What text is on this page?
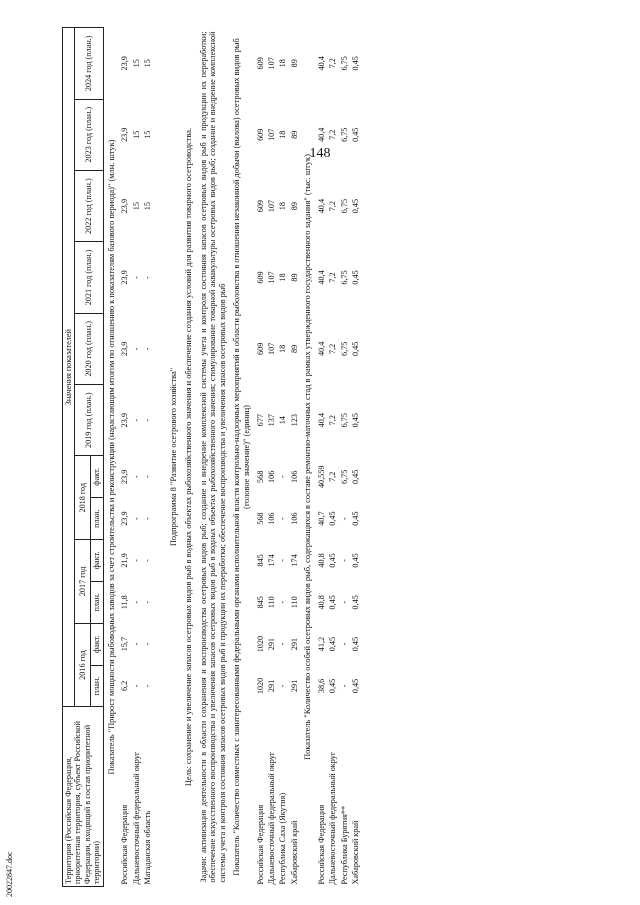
148
Территория (Российская Федерация, приоритетная территория, субъект Российской Федерации, входящий в состав приоритетной территории)	Значения показателей											
	2016 год		2017 год		2018 год		2019 год (план.)	2020 год (план.)	2021 год (план.)	2022 год (план.)	2023 год (план.)	2024 год (план.)
	план.	факт.	план.	факт.	план.	факт.						
Показатель "Прирост мощности рыбоводных заводов за счет строительства и реконструкции (нарастающим итогом по отношению к показателям базового периода)" (млн. штук)												
Российская Федерация	6,2	15,7	11,8	21,9	23,9	23,9	23,9	23,9	23,9	23,9	23,9	23,9
Дальневосточный федеральный округ	-	-	-	-	-	-	-	-	-	15	15	15
Магаданская область	-	-	-	-	-	-	-	-	-	15	15	15

Подпрограмма 8 "Развитие осетрового хозяйства"												
Цель: сохранение и увеличение запасов осетровых видов рыб в водных объектах рыбохозяйственного значения и обеспечение создания условий для развития товарного осетроводства.												
Задачи: активизация деятельности в области сохранения и воспроизводства осетровых видов рыб; создание и внедрение комплексной системы учета и контроля состояния запасов осетровых видов рыб и продукции их переработки; обеспечение искусственного воспроизводства и увеличения запасов осетровых видов рыб в водных объектах рыбохозяйственного значения; стимулирование товарной аквакультуры осетровых видов рыб; создание и внедрение комплексной системы учета и контроля состояния запасов осетровых видов рыб и продукции их переработки; обеспечение воспроизводства и увеличения запасов осетровых видов рыб												
Показатель "Количество совместных с заинтересованными федеральными органами исполнительной власти контрольно-надзорных мероприятий в области рыболовства в отношении незаконной добычи (вылова) осетровых видов рыб (головое значение)" (единиц)												
Российская Федерация	1020	1020	845	845	568	568	677	609	609	609	609	609
Дальневосточный федеральный округ	291	291	110	174	106	106	137	107	107	107	107	107
Республика Саха (Якутия)	-	-	-	-	-	-	14	18	18	18	18	18
Хабаровский край	291	291	110	174	106	106	123	89	89	89	89	89
Показатель "Количество особей осетровых видов рыб, содержащихся в составе ремонтно-маточных стад в рамках утвержденного государственного задания" (тыс. штук)												
Российская Федерация	38,6	41,2	40,8	40,8	40,7	40,559	40,4	40,4	40,4	40,4	40,4	40,4
Дальневосточный федеральный округ	0,45	0,45	0,45	0,45	0,45	7,2	7,2	7,2	7,2	7,2	7,2	7,2
Республика Бурятия**	-	-	-	-	-	6,75	6,75	6,75	6,75	6,75	6,75	6,75
Хабаровский край	0,45	0,45	0,45	0,45	0,45	0,45	0,45	0,45	0,45	0,45	0,45	0,45
20022847.doc
